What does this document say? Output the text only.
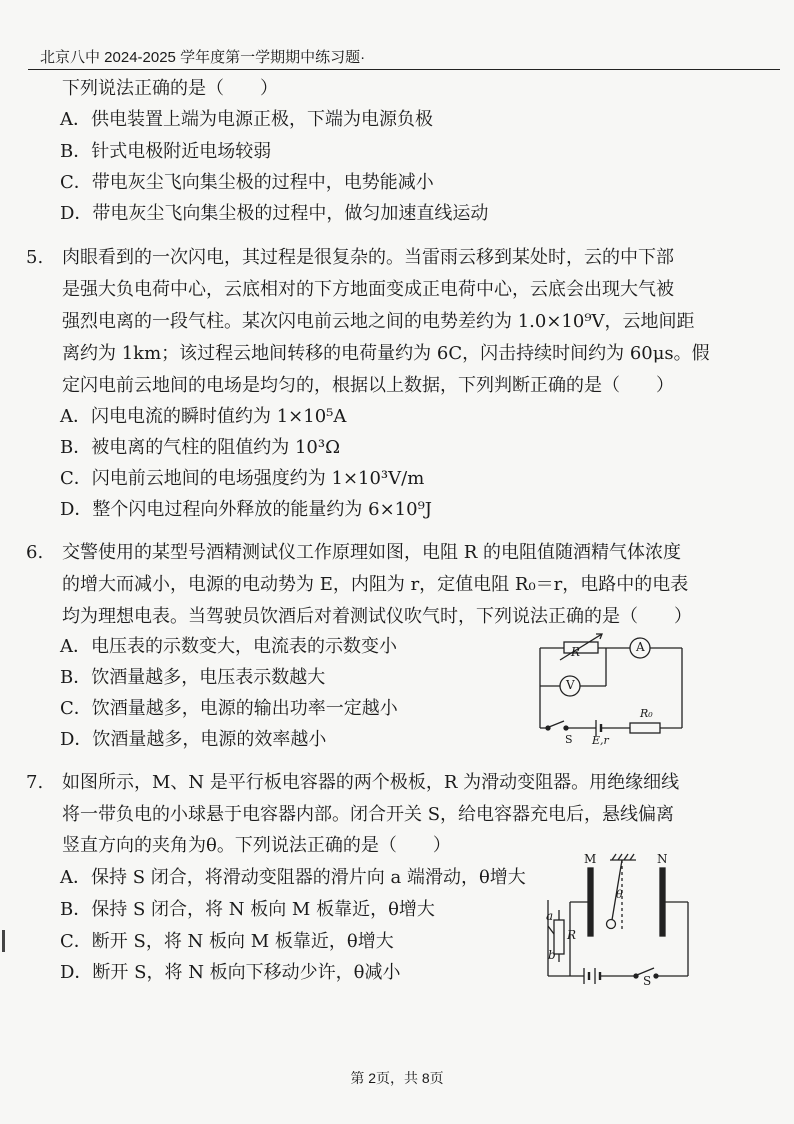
北京八中 2024-2025 学年度第一学期期中练习题·
下列说法正确的是（　　）
A．供电装置上端为电源正极，下端为电源负极
B．针式电极附近电场较弱
C．带电灰尘飞向集尘极的过程中，电势能减小
D．带电灰尘飞向集尘极的过程中，做匀加速直线运动
5. 肉眼看到的一次闪电，其过程是很复杂的。当雷雨云移到某处时，云的中下部
是强大负电荷中心，云底相对的下方地面变成正电荷中心，云底会出现大气被
强烈电离的一段气柱。某次闪电前云地之间的电势差约为 1.0×10⁹V，云地间距
离约为 1km；该过程云地间转移的电荷量约为 6C，闪击持续时间约为 60μs。假
定闪电前云地间的电场是均匀的，根据以上数据，下列判断正确的是（　　）
A．闪电电流的瞬时值约为 1×10⁵A
B．被电离的气柱的阻值约为 10³Ω
C．闪电前云地间的电场强度约为 1×10³V/m
D．整个闪电过程向外释放的能量约为 6×10⁹J
6. 交警使用的某型号酒精测试仪工作原理如图，电阻 R 的电阻值随酒精气体浓度
的增大而减小，电源的电动势为 E，内阻为 r，定值电阻 R₀＝r，电路中的电表
均为理想电表。当驾驶员饮酒后对着测试仪吹气时，下列说法正确的是（　　）
A．电压表的示数变大，电流表的示数变小
B．饮酒量越多，电压表示数越大
C．饮酒量越多，电源的输出功率一定越小
D．饮酒量越多，电源的效率越小
R	A
V
R₀
S E,r
7. 如图所示，M、N 是平行板电容器的两个极板，R 为滑动变阻器。用绝缘细线
将一带负电的小球悬于电容器内部。闭合开关 S，给电容器充电后，悬线偏离
竖直方向的夹角为θ。下列说法正确的是（　　）
A．保持 S 闭合，将滑动变阻器的滑片向 a 端滑动，θ增大
B．保持 S 闭合，将 N 板向 M 板靠近，θ增大
C．断开 S，将 N 板向 M 板靠近，θ增大
D．断开 S，将 N 板向下移动少许，θ减小
M	N
θ
a
b
R
S
第 2页，共 8页
